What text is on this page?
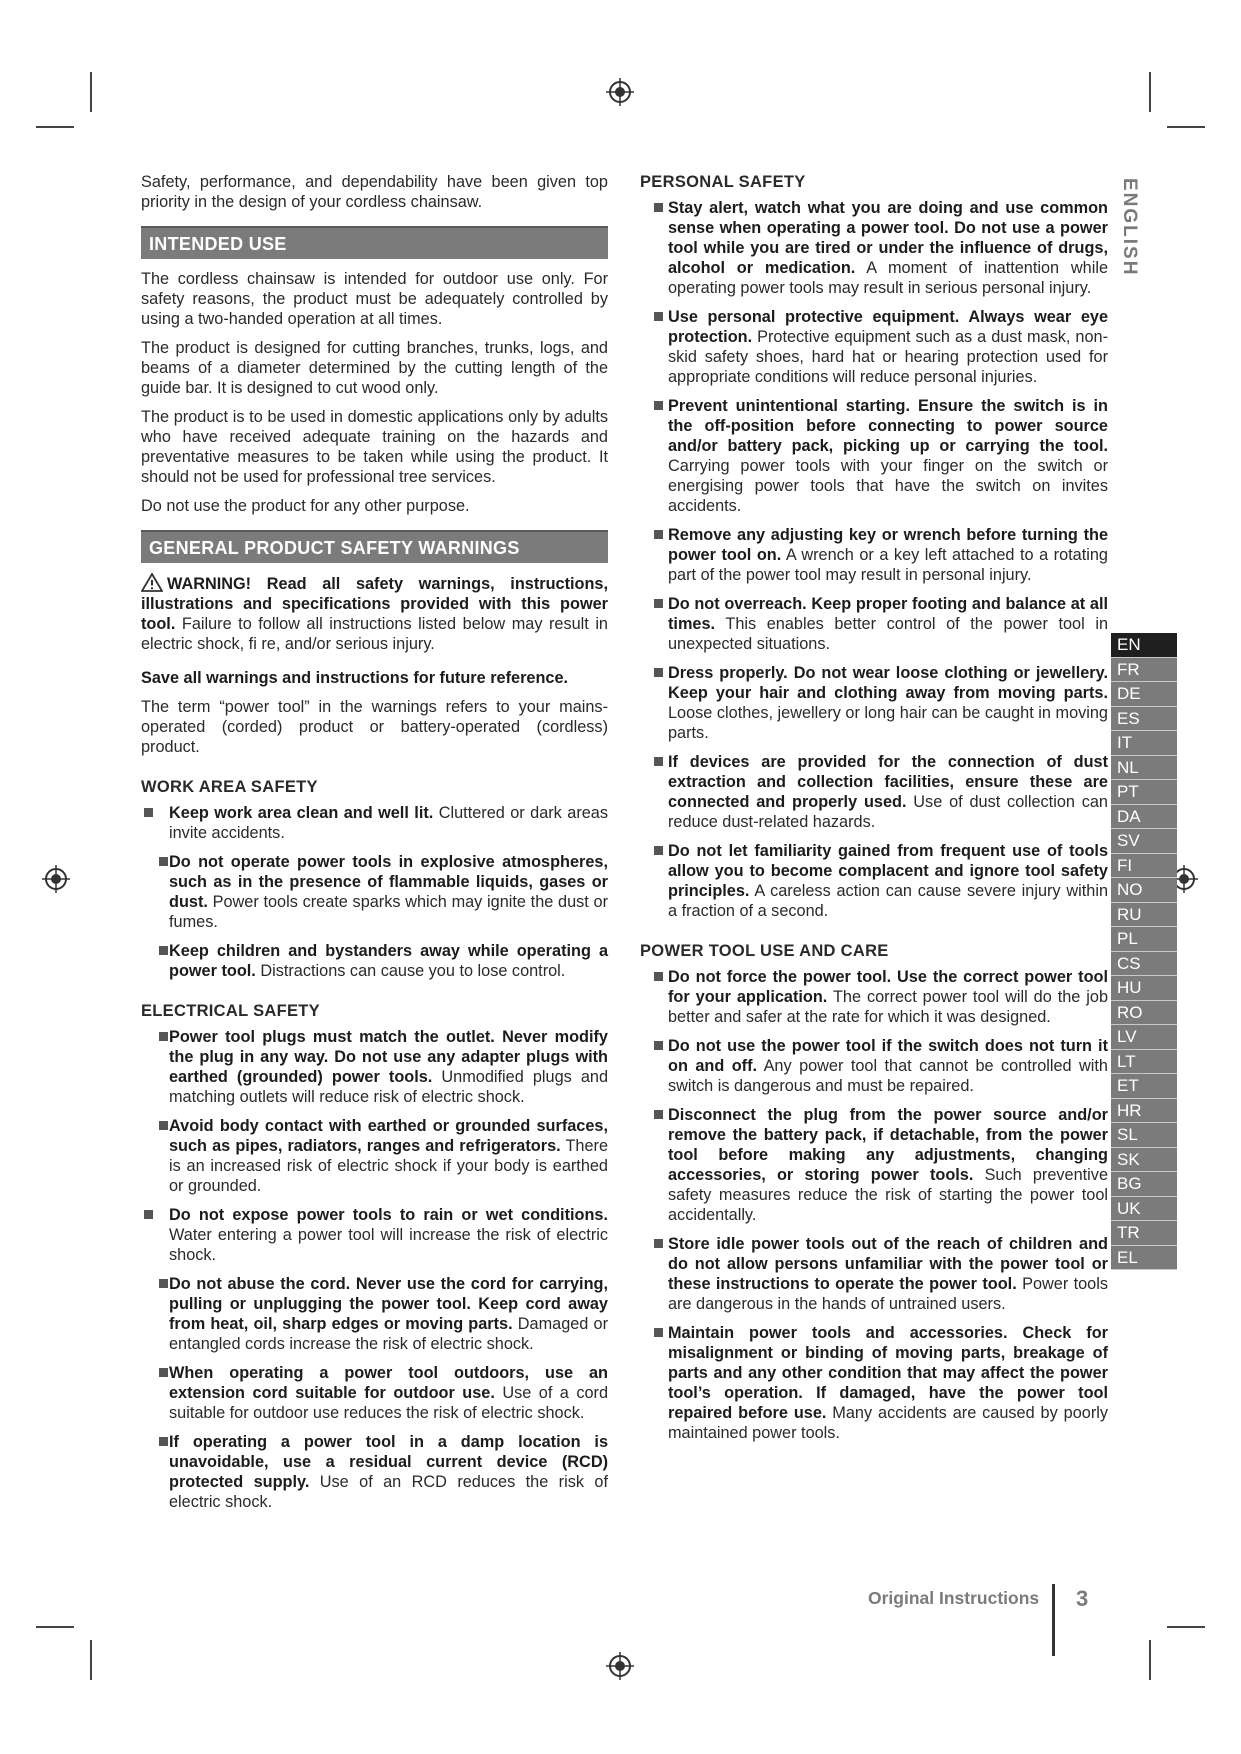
Safety, performance, and dependability have been given top priority in the design of your cordless chainsaw.

INTENDED USE

The cordless chainsaw is intended for outdoor use only. For safety reasons, the product must be adequately controlled by using a two-handed operation at all times.

The product is designed for cutting branches, trunks, logs, and beams of a diameter determined by the cutting length of the guide bar. It is designed to cut wood only.

The product is to be used in domestic applications only by adults who have received adequate training on the hazards and preventative measures to be taken while using the product. It should not be used for professional tree services.

Do not use the product for any other purpose.

GENERAL PRODUCT SAFETY WARNINGS

WARNING! Read all safety warnings, instructions, illustrations and specifications provided with this power tool. Failure to follow all instructions listed below may result in electric shock, fi re, and/or serious injury.

Save all warnings and instructions for future reference.

The term “power tool” in the warnings refers to your mains-operated (corded) product or battery-operated (cordless) product.

WORK AREA SAFETY
Keep work area clean and well lit. Cluttered or dark areas invite accidents.
Do not operate power tools in explosive atmospheres, such as in the presence of flammable liquids, gases or dust. Power tools create sparks which may ignite the dust or fumes.
Keep children and bystanders away while operating a power tool. Distractions can cause you to lose control.
ELECTRICAL SAFETY
Power tool plugs must match the outlet. Never modify the plug in any way. Do not use any adapter plugs with earthed (grounded) power tools. Unmodified plugs and matching outlets will reduce risk of electric shock.
Avoid body contact with earthed or grounded surfaces, such as pipes, radiators, ranges and refrigerators. There is an increased risk of electric shock if your body is earthed or grounded.
Do not expose power tools to rain or wet conditions. Water entering a power tool will increase the risk of electric shock.
Do not abuse the cord. Never use the cord for carrying, pulling or unplugging the power tool. Keep cord away from heat, oil, sharp edges or moving parts. Damaged or entangled cords increase the risk of electric shock.
When operating a power tool outdoors, use an extension cord suitable for outdoor use. Use of a cord suitable for outdoor use reduces the risk of electric shock.
If operating a power tool in a damp location is unavoidable, use a residual current device (RCD) protected supply. Use of an RCD reduces the risk of electric shock.
PERSONAL SAFETY
Stay alert, watch what you are doing and use common sense when operating a power tool. Do not use a power tool while you are tired or under the influence of drugs, alcohol or medication. A moment of inattention while operating power tools may result in serious personal injury.
Use personal protective equipment. Always wear eye protection. Protective equipment such as a dust mask, non-skid safety shoes, hard hat or hearing protection used for appropriate conditions will reduce personal injuries.
Prevent unintentional starting. Ensure the switch is in the off-position before connecting to power source and/or battery pack, picking up or carrying the tool. Carrying power tools with your finger on the switch or energising power tools that have the switch on invites accidents.
Remove any adjusting key or wrench before turning the power tool on. A wrench or a key left attached to a rotating part of the power tool may result in personal injury.
Do not overreach. Keep proper footing and balance at all times. This enables better control of the power tool in unexpected situations.
Dress properly. Do not wear loose clothing or jewellery. Keep your hair and clothing away from moving parts. Loose clothes, jewellery or long hair can be caught in moving parts.
If devices are provided for the connection of dust extraction and collection facilities, ensure these are connected and properly used. Use of dust collection can reduce dust-related hazards.
Do not let familiarity gained from frequent use of tools allow you to become complacent and ignore tool safety principles. A careless action can cause severe injury within a fraction of a second.
POWER TOOL USE AND CARE
Do not force the power tool. Use the correct power tool for your application. The correct power tool will do the job better and safer at the rate for which it was designed.
Do not use the power tool if the switch does not turn it on and off. Any power tool that cannot be controlled with switch is dangerous and must be repaired.
Disconnect the plug from the power source and/or remove the battery pack, if detachable, from the power tool before making any adjustments, changing accessories, or storing power tools. Such preventive safety measures reduce the risk of starting the power tool accidentally.
Store idle power tools out of the reach of children and do not allow persons unfamiliar with the power tool or these instructions to operate the power tool. Power tools are dangerous in the hands of untrained users.
Maintain power tools and accessories. Check for misalignment or binding of moving parts, breakage of parts and any other condition that may affect the power tool’s operation. If damaged, have the power tool repaired before use. Many accidents are caused by poorly maintained power tools.
ENGLISH
EN
FR
DE
ES
IT
NL
PT
DA
SV
FI
NO
RU
PL
CS
HU
RO
LV
LT
ET
HR
SL
SK
BG
UK
TR
EL
Original Instructions 3
